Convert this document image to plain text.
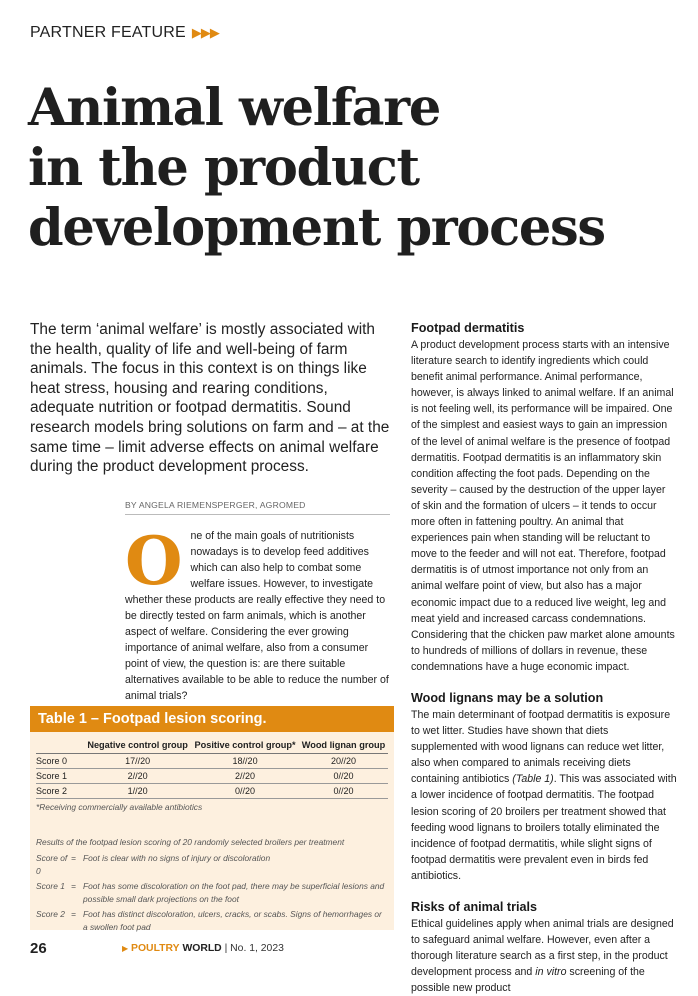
PARTNER FEATURE ▶▶▶
Animal welfare
in the product
development process

The term ‘animal welfare’ is mostly associated with the health, quality of life and well-being of farm animals. The focus in this context is on things like heat stress, housing and rearing conditions, adequate nutrition or footpad dermatitis. Sound research models bring solutions on farm and – at the same time – limit adverse effects on animal welfare during the product development process.

BY ANGELA RIEMENSPERGER, AGROMED

One of the main goals of nutritionists nowadays is to develop feed additives which can also help to combat some welfare issues. However, to investigate whether these products are really effective they need to be directly tested on farm animals, which is another aspect of welfare. Considering the ever growing importance of animal welfare, also from a consumer point of view, the question is: are there suitable alternatives available to be able to reduce the number of animal trials?

Table 1 – Footpad lesion scoring.
	Negative control group	Positive control group*	Wood lignan group
Score 0	17//20	18//20	20//20
Score 1	2//20	2//20	0//20
Score 2	1//20	0//20	0//20
*Receiving commercially available antibiotics
Results of the footpad lesion scoring of 20 randomly selected broilers per treatment
Score of 0
= Foot is clear with no signs of injury or discoloration
Score 1 = Foot has some discoloration on the foot pad, there may be superficial lesions and possible small dark projections on the foot
Score 2 = Foot has distinct discoloration, ulcers, cracks, or scabs. Signs of hemorrhages or a swollen foot pad
Footpad dermatitis

A product development process starts with an intensive literature search to identify ingredients which could benefit animal performance. Animal performance, however, is always linked to animal welfare. If an animal is not feeling well, its performance will be impaired. One of the simplest and easiest ways to gain an impression of the level of animal welfare is the presence of footpad dermatitis. Footpad dermatitis is an inflammatory skin condition affecting the foot pads. Depending on the severity – caused by the destruction of the upper layer of skin and the formation of ulcers – it tends to occur more often in fattening poultry. An animal that experiences pain when standing will be reluctant to move to the feeder and will not eat. Therefore, footpad dermatitis is of utmost importance not only from an animal welfare point of view, but also has a major economic impact due to a reduced live weight, leg and meat yield and increased carcass condemnations. Considering that the chicken paw market alone amounts to hundreds of millions of dollars in revenue, these condemnations have a huge economic impact.

Wood lignans may be a solution

The main determinant of footpad dermatitis is exposure to wet litter. Studies have shown that diets supplemented with wood lignans can reduce wet litter, also when compared to animals receiving diets containing antibiotics (Table 1). This was associated with a lower incidence of footpad dermatitis. The footpad lesion scoring of 20 broilers per treatment showed that feeding wood lignans to broilers totally eliminated the incidence of footpad dermatitis, while slight signs of footpad dermatitis were prevalent even in birds fed antibiotics.

Risks of animal trials

Ethical guidelines apply when animal trials are designed to safeguard animal welfare. However, even after a thorough literature search as a first step, in the product development process and in vitro screening of the possible new product

26	▶ POULTRY WORLD | No. 1, 2023
